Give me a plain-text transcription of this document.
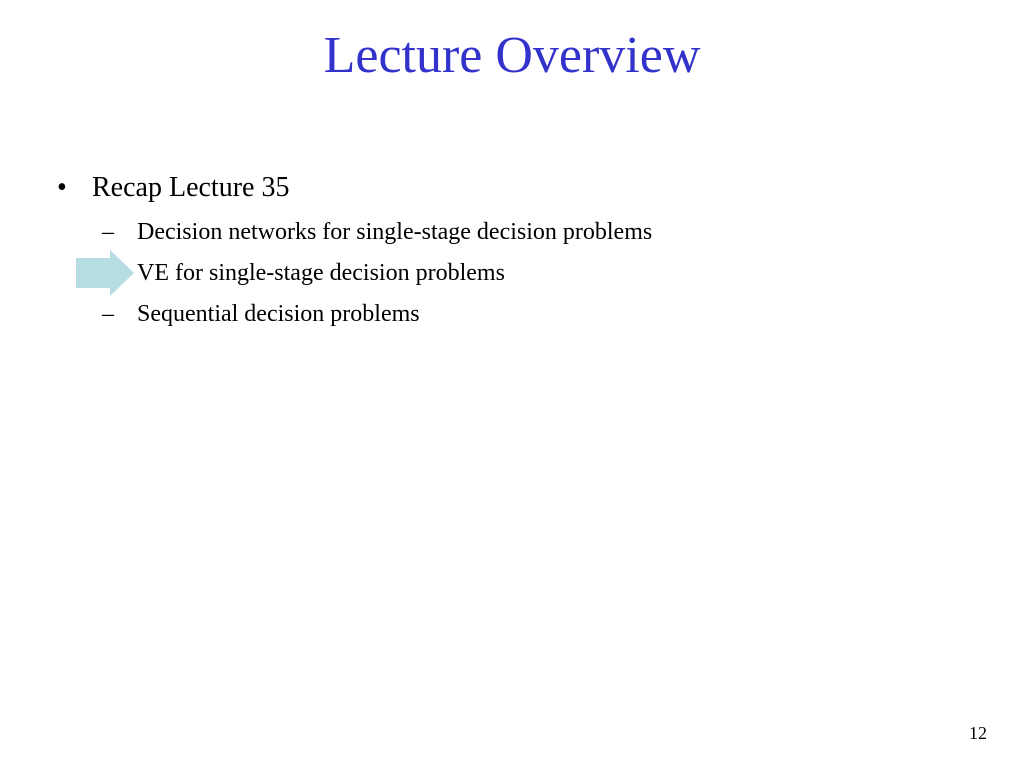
Lecture Overview
• Recap Lecture 35
– Decision networks for single-stage decision problems
VE for single-stage decision problems
– Sequential decision problems
12
